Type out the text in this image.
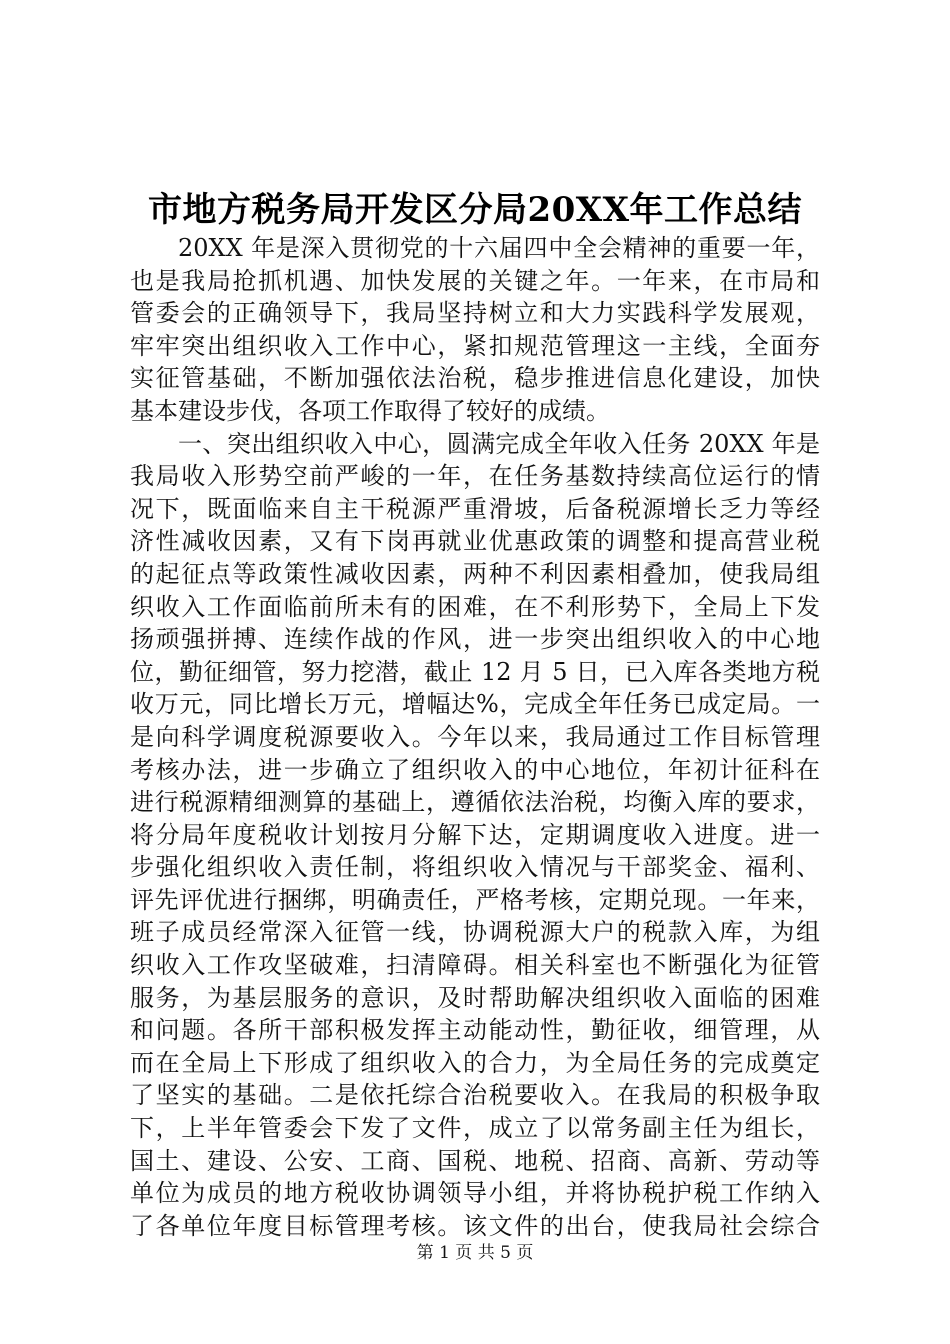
市地方税务局开发区分局20XX年工作总结
20XX 年是深入贯彻党的十六届四中全会精神的重要一年，
也是我局抢抓机遇、加快发展的关键之年。一年来，在市局和
管委会的正确领导下，我局坚持树立和大力实践科学发展观，
牢牢突出组织收入工作中心，紧扣规范管理这一主线，全面夯
实征管基础，不断加强依法治税，稳步推进信息化建设，加快
基本建设步伐，各项工作取得了较好的成绩。
一、突出组织收入中心，圆满完成全年收入任务 20XX 年是
我局收入形势空前严峻的一年，在任务基数持续高位运行的情
况下，既面临来自主干税源严重滑坡，后备税源增长乏力等经
济性减收因素，又有下岗再就业优惠政策的调整和提高营业税
的起征点等政策性减收因素，两种不利因素相叠加，使我局组
织收入工作面临前所未有的困难，在不利形势下，全局上下发
扬顽强拼搏、连续作战的作风，进一步突出组织收入的中心地
位，勤征细管，努力挖潜，截止 12 月 5 日，已入库各类地方税
收万元，同比增长万元，增幅达%，完成全年任务已成定局。一
是向科学调度税源要收入。今年以来，我局通过工作目标管理
考核办法，进一步确立了组织收入的中心地位，年初计征科在
进行税源精细测算的基础上，遵循依法治税，均衡入库的要求，
将分局年度税收计划按月分解下达，定期调度收入进度。进一
步强化组织收入责任制，将组织收入情况与干部奖金、福利、
评先评优进行捆绑，明确责任，严格考核，定期兑现。一年来，
班子成员经常深入征管一线，协调税源大户的税款入库，为组
织收入工作攻坚破难，扫清障碍。相关科室也不断强化为征管
服务，为基层服务的意识，及时帮助解决组织收入面临的困难
和问题。各所干部积极发挥主动能动性，勤征收，细管理，从
而在全局上下形成了组织收入的合力，为全局任务的完成奠定
了坚实的基础。二是依托综合治税要收入。在我局的积极争取
下，上半年管委会下发了文件，成立了以常务副主任为组长，
国土、建设、公安、工商、国税、地税、招商、高新、劳动等
单位为成员的地方税收协调领导小组，并将协税护税工作纳入
了各单位年度目标管理考核。该文件的出台，使我局社会综合
第 1 页 共 5 页
